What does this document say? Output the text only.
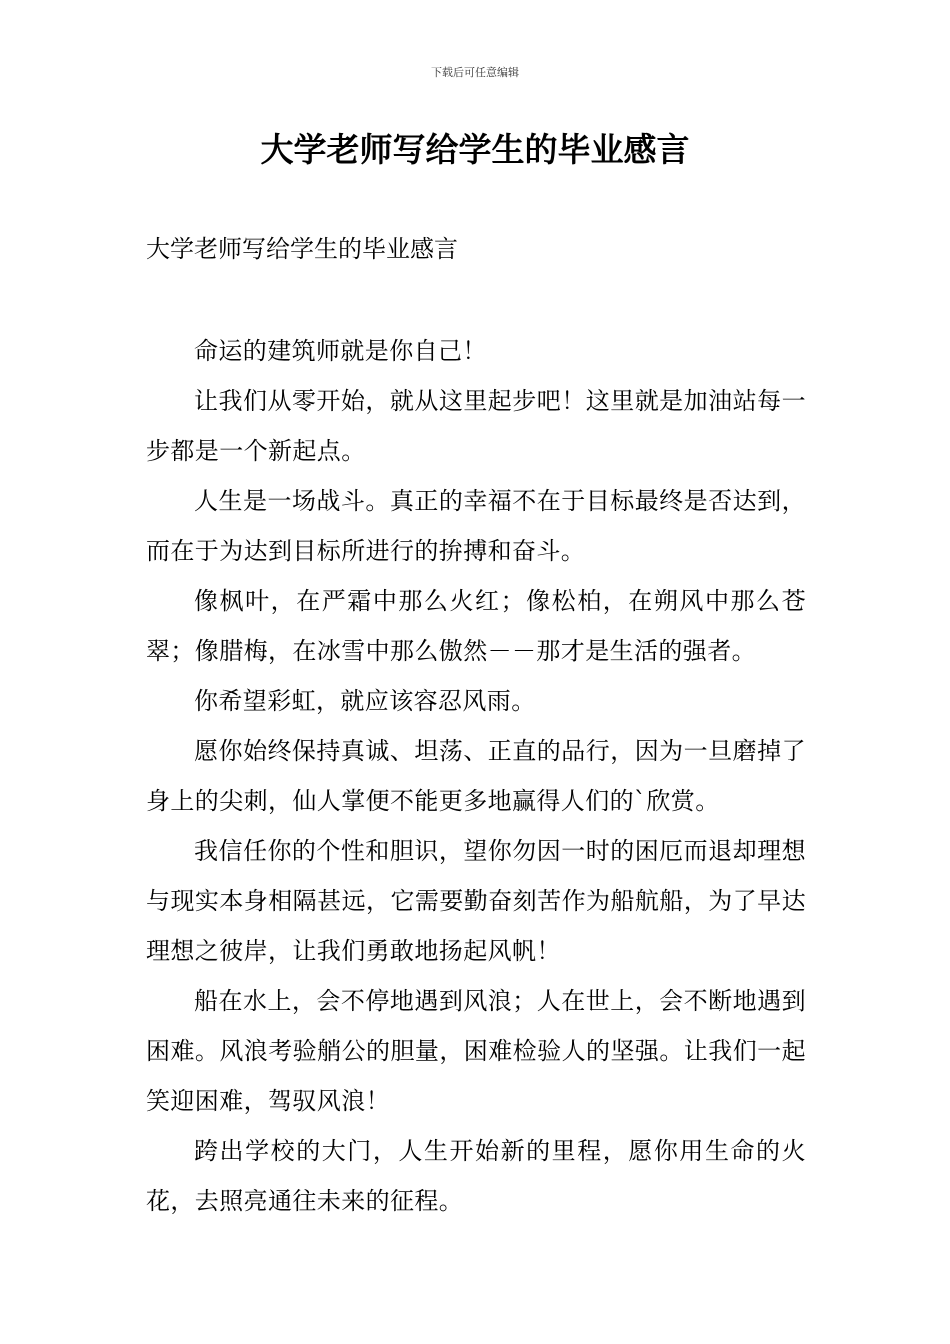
下载后可任意编辑
大学老师写给学生的毕业感言
大学老师写给学生的毕业感言

命运的建筑师就是你自己！

让我们从零开始，就从这里起步吧！这里就是加油站每一步都是一个新起点。

人生是一场战斗。真正的幸福不在于目标最终是否达到，而在于为达到目标所进行的拚搏和奋斗。

像枫叶，在严霜中那么火红；像松柏，在朔风中那么苍翠；像腊梅，在冰雪中那么傲然－－那才是生活的强者。

你希望彩虹，就应该容忍风雨。

愿你始终保持真诚、坦荡、正直的品行，因为一旦磨掉了身上的尖刺，仙人掌便不能更多地赢得人们的`欣赏。

我信任你的个性和胆识，望你勿因一时的困厄而退却理想与现实本身相隔甚远，它需要勤奋刻苦作为船航船，为了早达理想之彼岸，让我们勇敢地扬起风帆！

船在水上，会不停地遇到风浪；人在世上，会不断地遇到困难。风浪考验艄公的胆量，困难检验人的坚强。让我们一起笑迎困难，驾驭风浪！

跨出学校的大门，人生开始新的里程，愿你用生命的火花，去照亮通往未来的征程。
